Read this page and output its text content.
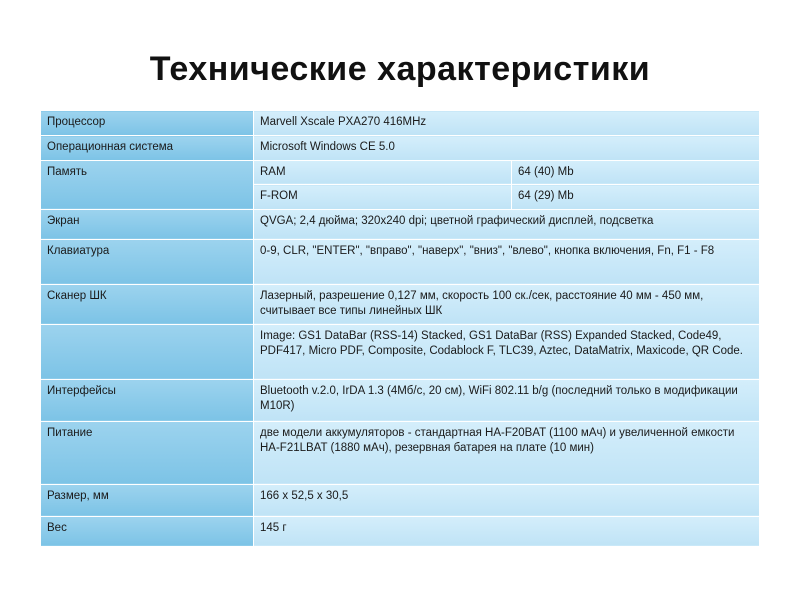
Технические характеристики
Процессор	Marvell Xscale PXA270 416MHz	
Операционная система	Microsoft Windows CE 5.0	
Память	RAM	64 (40) Mb
	F-ROM	64 (29) Mb
Экран	QVGA; 2,4 дюйма; 320x240 dpi; цветной графический дисплей, подсветка	
Клавиатура	0-9, CLR, "ENTER", "вправо", "наверх", "вниз", "влево", кнопка включения, Fn, F1 - F8	
Сканер ШК	Лазерный, разрешение 0,127 мм, скорость 100 ск./сек, расстояние 40 мм - 450 мм, считывает все типы линейных ШК	
	Image: GS1 DataBar (RSS-14) Stacked, GS1 DataBar (RSS) Expanded Stacked, Code49, PDF417, Micro PDF, Composite, Codablock F, TLC39, Aztec, DataMatrix, Maxicode, QR Code.	
Интерфейсы	Bluetooth v.2.0, IrDA 1.3 (4Мб/с, 20 см), WiFi 802.11 b/g (последний только в модификации M10R)	
Питание	две модели аккумуляторов - стандартная HA-F20BAT (1100 мАч) и увеличенной емкости HA-F21LBAT (1880 мАч), резервная батарея на плате (10 мин)	
Размер, мм	166 x 52,5 x 30,5	
Вес	145 г	
